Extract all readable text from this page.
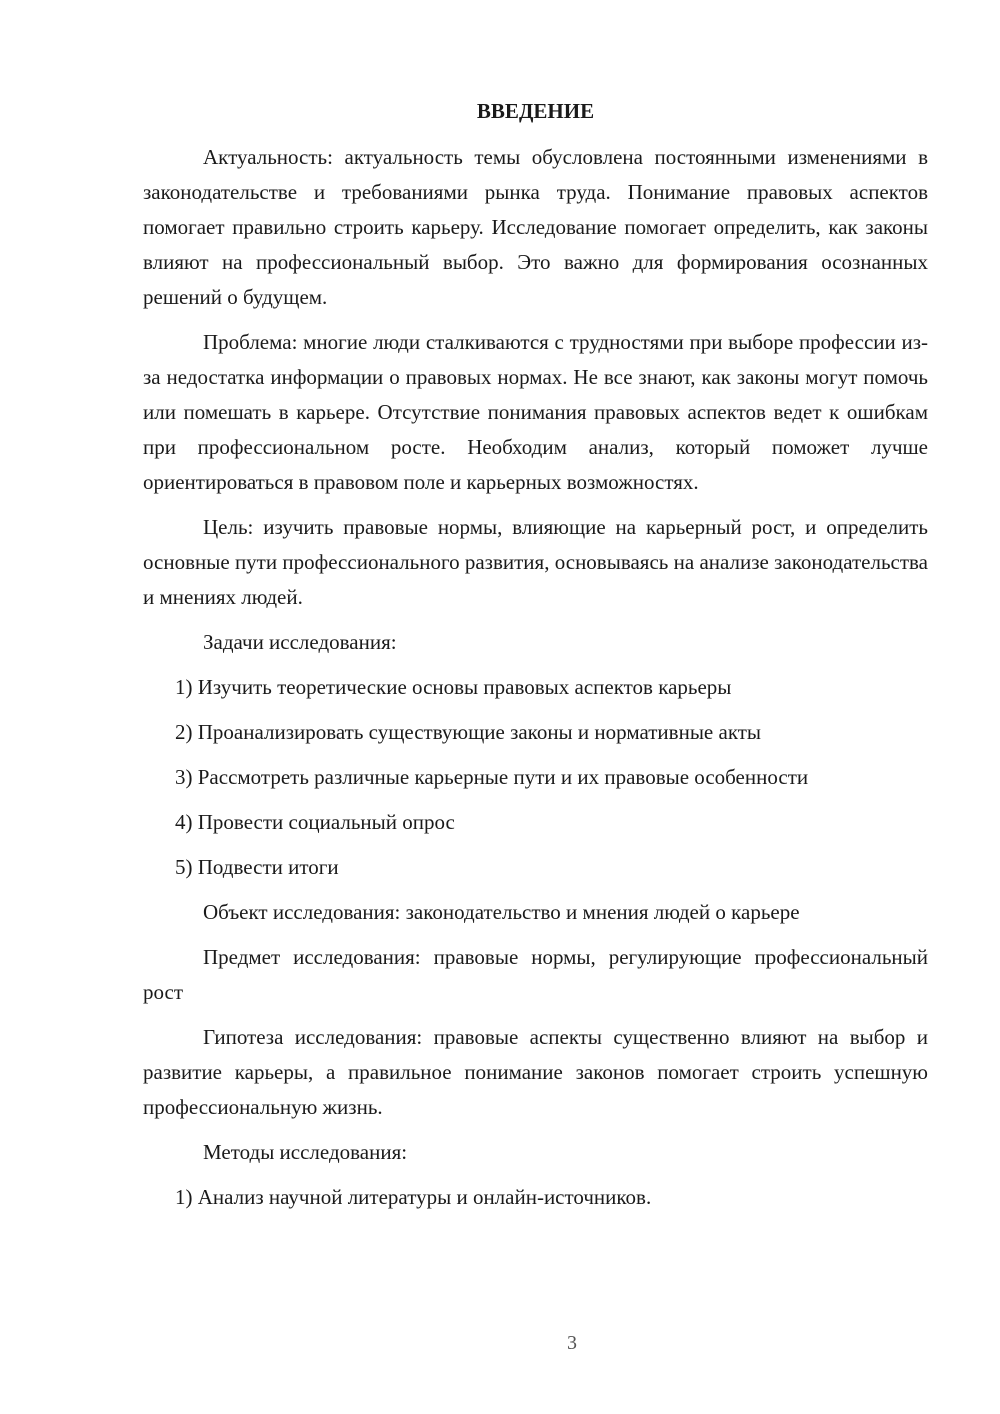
ВВЕДЕНИЕ

Актуальность: актуальность темы обусловлена постоянными изменениями в законодательстве и требованиями рынка труда. Понимание правовых аспектов помогает правильно строить карьеру. Исследование помогает определить, как законы влияют на профессиональный выбор. Это важно для формирования осознанных решений о будущем.

Проблема: многие люди сталкиваются с трудностями при выборе профессии из-за недостатка информации о правовых нормах. Не все знают, как законы могут помочь или помешать в карьере. Отсутствие понимания правовых аспектов ведет к ошибкам при профессиональном росте. Необходим анализ, который поможет лучше ориентироваться в правовом поле и карьерных возможностях.

Цель: изучить правовые нормы, влияющие на карьерный рост, и определить основные пути профессионального развития, основываясь на анализе законодательства и мнениях людей.

Задачи исследования:

1) Изучить теоретические основы правовых аспектов карьеры

2) Проанализировать существующие законы и нормативные акты

3) Рассмотреть различные карьерные пути и их правовые особенности

4) Провести социальный опрос

5) Подвести итоги

Объект исследования: законодательство и мнения людей о карьере

Предмет исследования: правовые нормы, регулирующие профессиональный рост

Гипотеза исследования: правовые аспекты существенно влияют на выбор и развитие карьеры, а правильное понимание законов помогает строить успешную профессиональную жизнь.

Методы исследования:

1) Анализ научной литературы и онлайн-источников.

3
